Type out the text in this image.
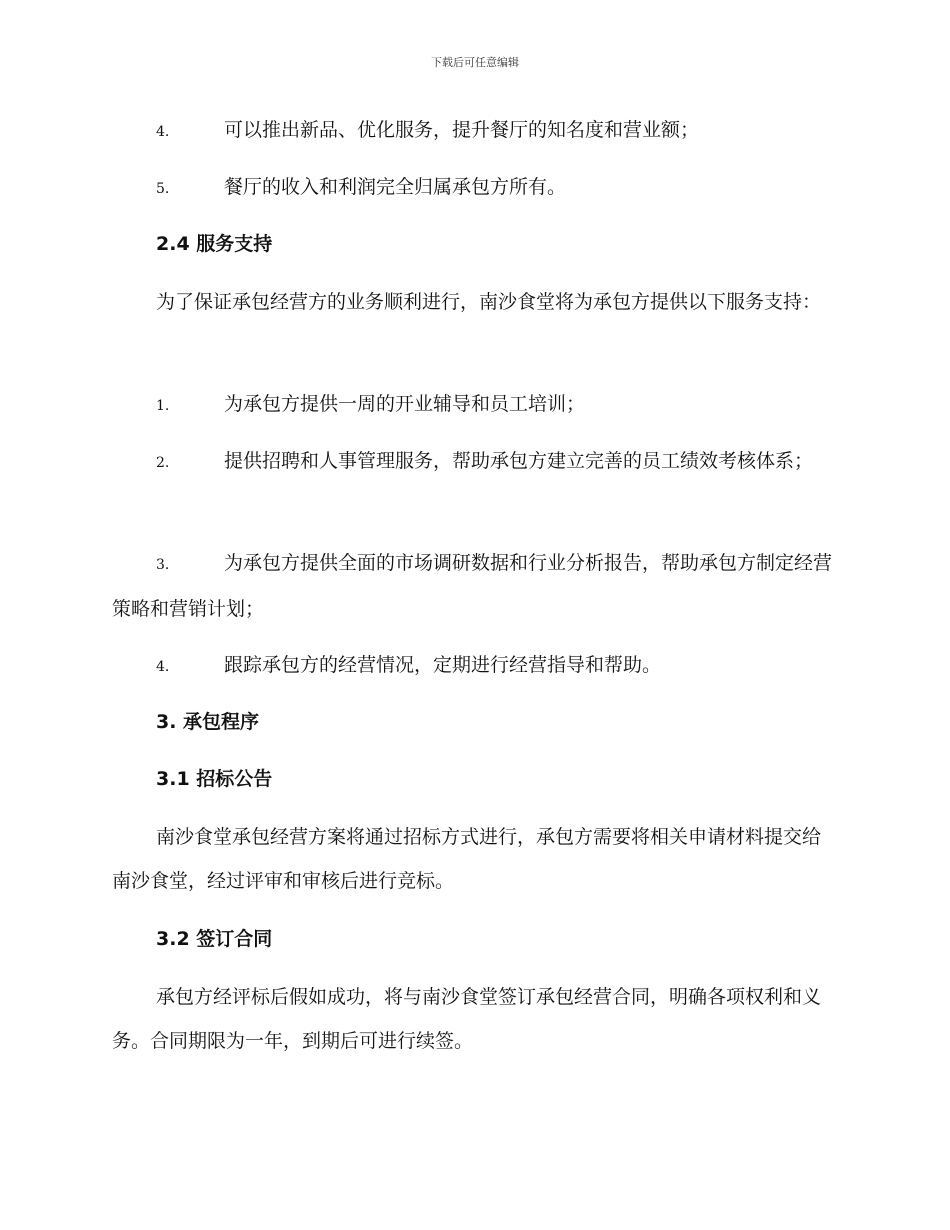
下载后可任意编辑
4.	可以推出新品、优化服务，提升餐厅的知名度和营业额；
5.	餐厅的收入和利润完全归属承包方所有。
2.4 服务支持
为了保证承包经营方的业务顺利进行，南沙食堂将为承包方提供以下服务支持：
1.	为承包方提供一周的开业辅导和员工培训；
2.	提供招聘和人事管理服务，帮助承包方建立完善的员工绩效考核体系；
3.	为承包方提供全面的市场调研数据和行业分析报告，帮助承包方制定经营策略和营销计划；
4.	跟踪承包方的经营情况，定期进行经营指导和帮助。
3. 承包程序
3.1 招标公告
南沙食堂承包经营方案将通过招标方式进行，承包方需要将相关申请材料提交给南沙食堂，经过评审和审核后进行竞标。
3.2 签订合同
承包方经评标后假如成功，将与南沙食堂签订承包经营合同，明确各项权利和义务。合同期限为一年，到期后可进行续签。
